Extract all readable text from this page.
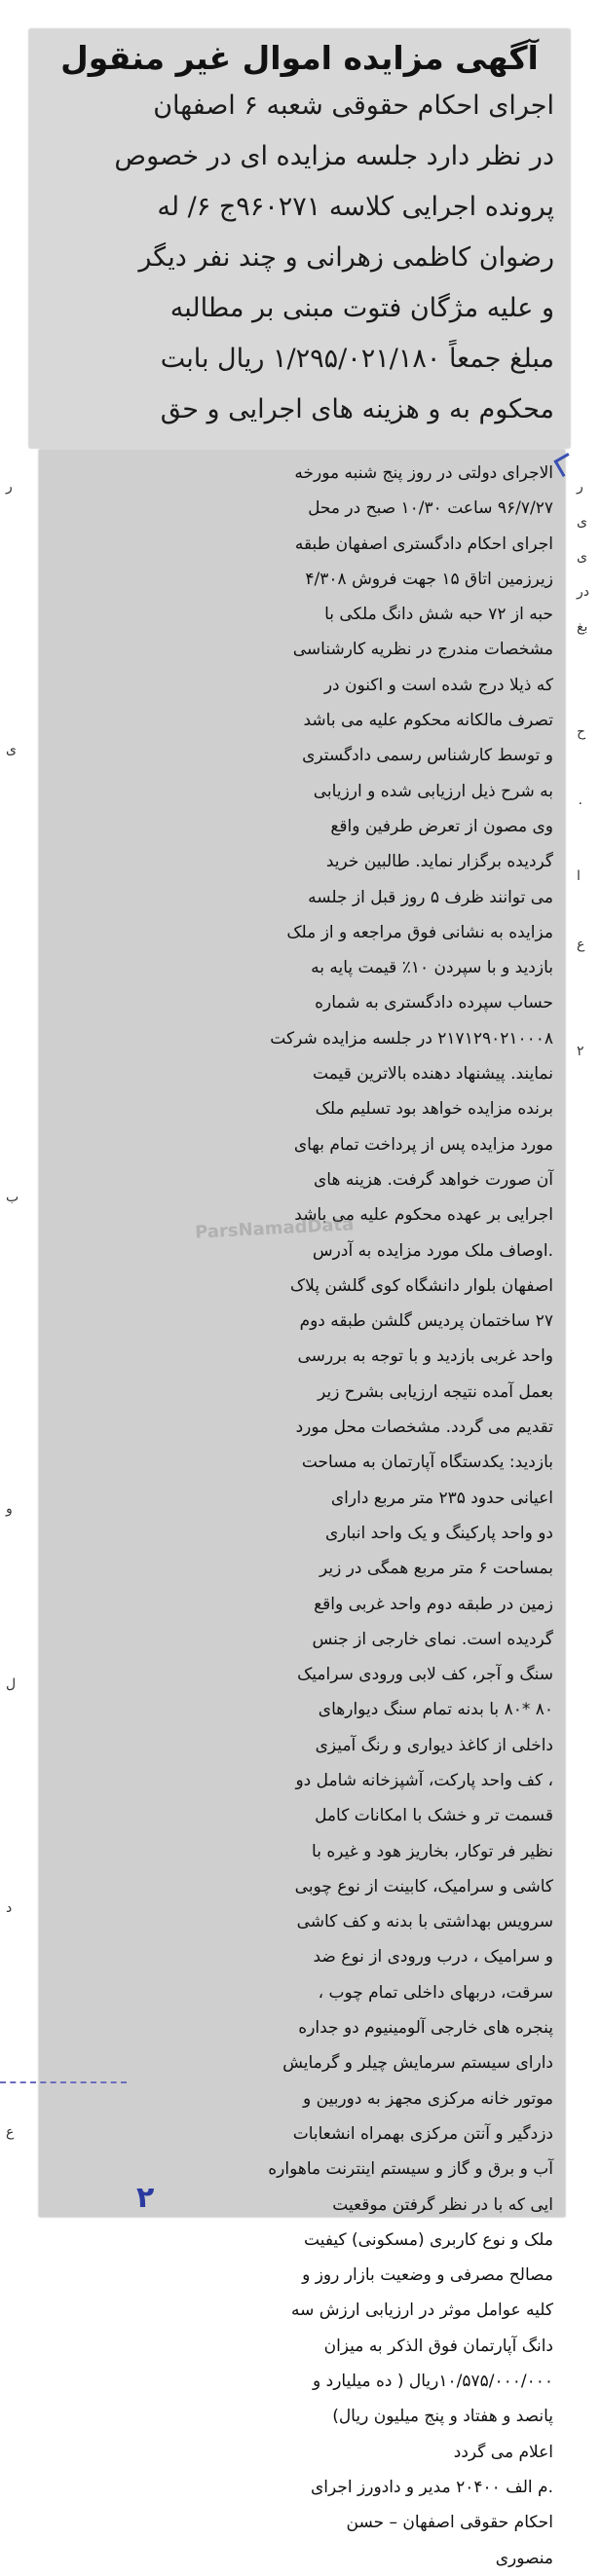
آگهی مزایده اموال غیر منقول
اجرای احکام حقوقی شعبه ۶ اصفهان
در نظر دارد جلسه مزایده ای در خصوص
پرونده اجرایی کلاسه ۹۶۰۲۷۱ج ۶/ له
رضوان کاظمی زهرانی و چند نفر دیگر
و علیه مژگان فتوت مبنی بر مطالبه
مبلغ جمعاً ۱/۲۹۵/۰۲۱/۱۸۰ ریال بابت
محکوم به و هزینه های اجرایی و حق
الاجرای دولتی در روز پنج شنبه مورخه
۹۶/۷/۲۷ ساعت ۱۰/۳۰ صبح در محل
اجرای احکام دادگستری اصفهان طبقه
زیرزمین اتاق ۱۵ جهت فروش ۴/۳۰۸
حبه از ۷۲ حبه شش دانگ ملکی با
مشخصات مندرج در نظریه کارشناسی
که ذیلا درج شده است و اکنون در
تصرف مالکانه محکوم علیه می باشد
و توسط کارشناس رسمی دادگستری
به شرح ذیل ارزیابی شده و ارزیابی
وی مصون از تعرض طرفین واقع
گردیده برگزار نماید. طالبین خرید
می توانند ظرف ۵ روز قبل از جلسه
مزایده به نشانی فوق مراجعه و از ملک
بازدید و با سپردن ۱۰٪ قیمت پایه به
حساب سپرده دادگستری به شماره
۲۱۷۱۲۹۰۲۱۰۰۰۸ در جلسه مزایده شرکت
نمایند. پیشنهاد دهنده بالاترین قیمت
برنده مزایده خواهد بود تسلیم ملک
مورد مزایده پس از پرداخت تمام بهای
آن صورت خواهد گرفت. هزینه های
اجرایی بر عهده محکوم علیه می باشد
.اوصاف ملک مورد مزایده به آدرس
اصفهان بلوار دانشگاه کوی گلشن پلاک
۲۷ ساختمان پردیس گلشن طبقه دوم
واحد غربی بازدید و با توجه به بررسی
بعمل آمده نتیجه ارزیابی بشرح زیر
تقدیم می گردد. مشخصات محل مورد
بازدید: یکدستگاه آپارتمان به مساحت
اعیانی حدود ۲۳۵ متر مربع دارای
دو واحد پارکینگ و یک واحد انباری
بمساحت ۶ متر مربع همگی در زیر
زمین در طبقه دوم واحد غربی واقع
گردیده است. نمای خارجی از جنس
سنگ و آجر، کف لابی ورودی سرامیک
۸۰ *۸۰ با بدنه تمام سنگ دیوارهای
داخلی از کاغذ دیواری و رنگ آمیزی
، کف واحد پارکت، آشپزخانه شامل دو
قسمت تر و خشک با امکانات کامل
نظیر فر توکار، بخاریز هود و غیره با
کاشی و سرامیک، کابینت از نوع چوبی
سرویس بهداشتی با بدنه و کف کاشی
و سرامیک ، درب ورودی از نوع ضد
سرقت، دربهای داخلی تمام چوب ،
پنجره های خارجی آلومینیوم دو جداره
دارای سیستم سرمایش چیلر و گرمایش
موتور خانه مرکزی مجهز به دوربین و
دزدگیر و آنتن مرکزی بهمراه انشعابات
آب و برق و گاز و سیستم اینترنت ماهواره
ایی که با در نظر گرفتن موقعیت
ملک و نوع کاربری (مسکونی) کیفیت
مصالح مصرفی و وضعیت بازار روز و
کلیه عوامل موثر در ارزیابی ارزش سه
دانگ آپارتمان فوق الذکر به میزان
۱۰/۵۷۵/۰۰۰/۰۰۰ریال ( ده میلیارد و
پانصد و هفتاد و پنج میلیون ریال)
اعلام می گردد
.م الف ۲۰۴۰۰ مدیر و دادورز اجرای
احکام حقوقی اصفهان – حسن
منصوری
ParsNamadData
۲
ر
ی
ب
و
ل
د
ع
ر
ی
ی
در
بغ
ح
۰
ا
ع
۲
